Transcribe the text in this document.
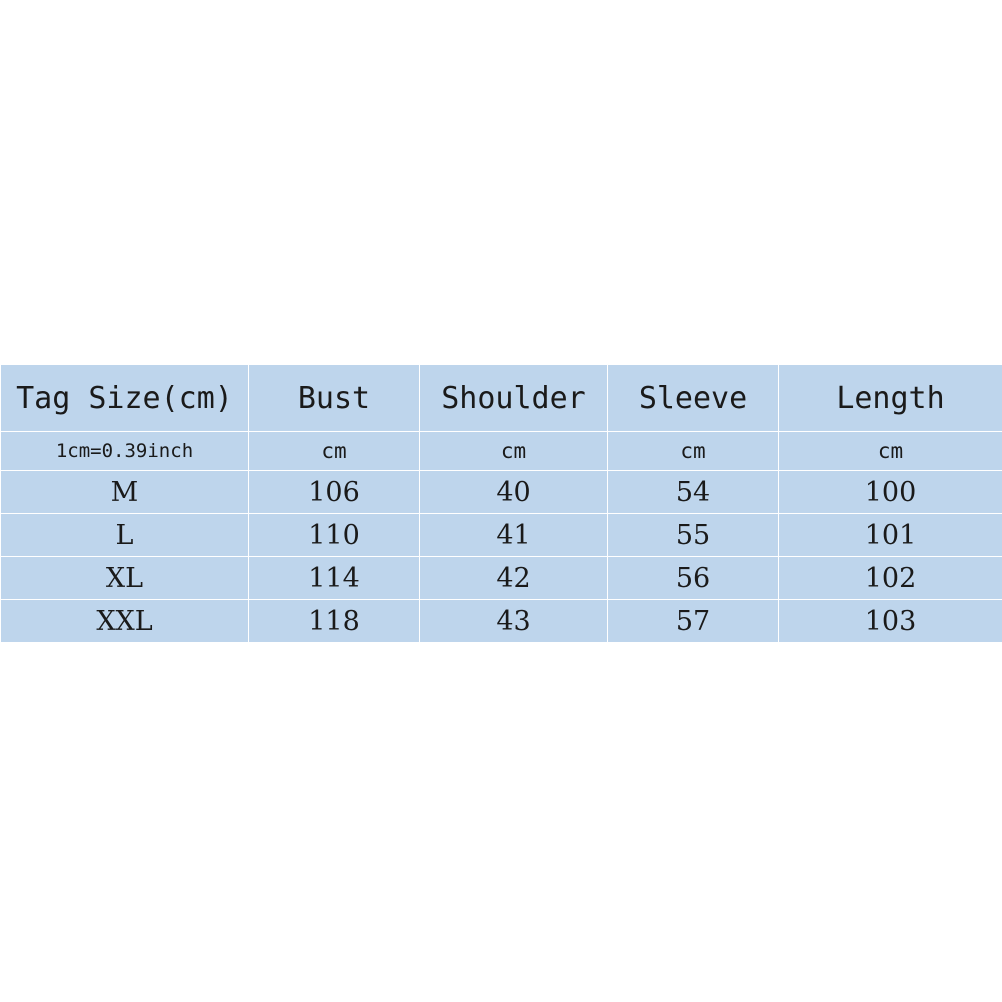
Tag Size(cm)	Bust	Shoulder	Sleeve	Length
1cm=0.39inch	cm	cm	cm	cm
M	106	40	54	100
L	110	41	55	101
XL	114	42	56	102
XXL	118	43	57	103
